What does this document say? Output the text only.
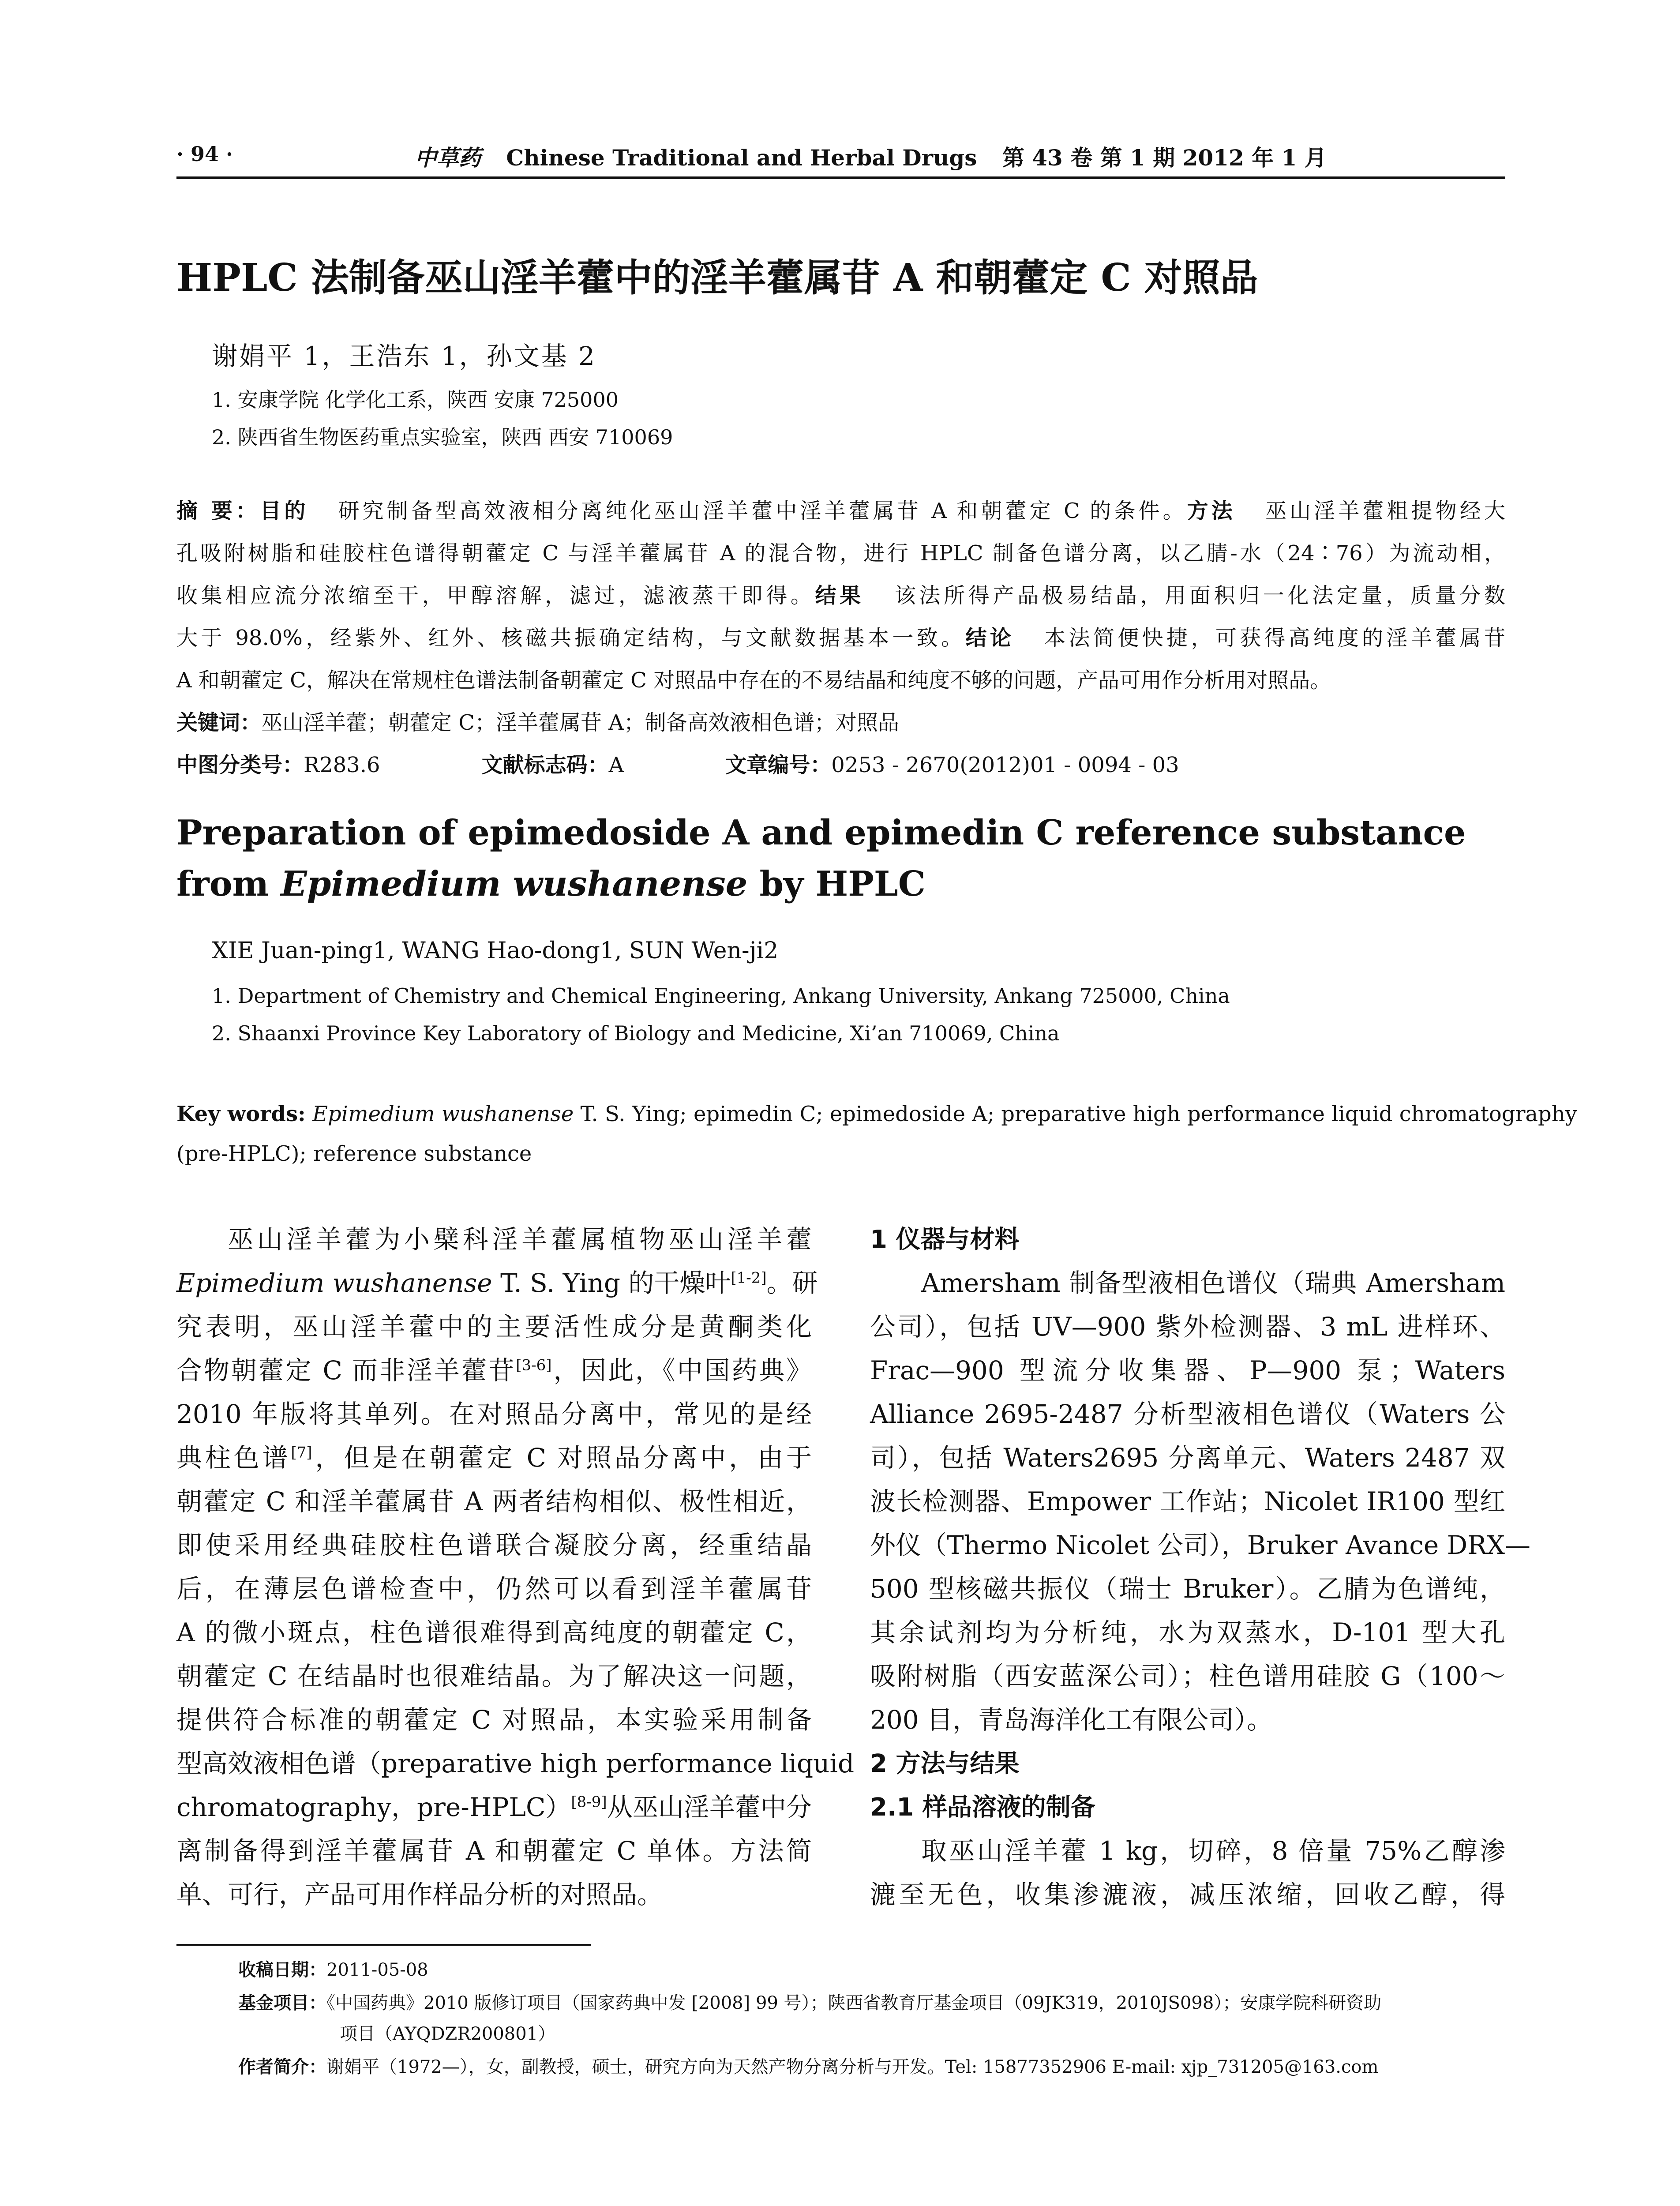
· 94 ·	中草药 Chinese Traditional and Herbal Drugs 第 43 卷 第 1 期 2012 年 1 月
HPLC 法制备巫山淫羊藿中的淫羊藿属苷 A 和朝藿定 C 对照品
谢娟平 1，王浩东 1，孙文基 2
1. 安康学院 化学化工系，陕西 安康 725000
2. 陕西省生物医药重点实验室，陕西 西安 710069
摘 要：目的 研究制备型高效液相分离纯化巫山淫羊藿中淫羊藿属苷 A 和朝藿定 C 的条件。方法 巫山淫羊藿粗提物经大
孔吸附树脂和硅胶柱色谱得朝藿定 C 与淫羊藿属苷 A 的混合物，进行 HPLC 制备色谱分离，以乙腈-水（24∶76）为流动相，
收集相应流分浓缩至干，甲醇溶解，滤过，滤液蒸干即得。结果 该法所得产品极易结晶，用面积归一化法定量，质量分数
大于 98.0%，经紫外、红外、核磁共振确定结构，与文献数据基本一致。结论 本法简便快捷，可获得高纯度的淫羊藿属苷
A 和朝藿定 C，解决在常规柱色谱法制备朝藿定 C 对照品中存在的不易结晶和纯度不够的问题，产品可用作分析用对照品。
关键词：巫山淫羊藿；朝藿定 C；淫羊藿属苷 A；制备高效液相色谱；对照品
中图分类号：R283.6	文献标志码：A	文章编号：0253 - 2670(2012)01 - 0094 - 03
Preparation of epimedoside A and epimedin C reference substance
from Epimedium wushanense by HPLC
XIE Juan-ping1, WANG Hao-dong1, SUN Wen-ji2
1. Department of Chemistry and Chemical Engineering, Ankang University, Ankang 725000, China
2. Shaanxi Province Key Laboratory of Biology and Medicine, Xi’an 710069, China
Key words: Epimedium wushanense T. S. Ying; epimedin C; epimedoside A; preparative high performance liquid chromatography
(pre-HPLC); reference substance
巫山淫羊藿为小檗科淫羊藿属植物巫山淫羊藿
Epimedium wushanense T. S. Ying 的干燥叶[1-2]。研
究表明，巫山淫羊藿中的主要活性成分是黄酮类化
合物朝藿定 C 而非淫羊藿苷[3-6]，因此，《中国药典》
2010 年版将其单列。在对照品分离中，常见的是经
典柱色谱[7]，但是在朝藿定 C 对照品分离中，由于
朝藿定 C 和淫羊藿属苷 A 两者结构相似、极性相近，
即使采用经典硅胶柱色谱联合凝胶分离，经重结晶
后，在薄层色谱检查中，仍然可以看到淫羊藿属苷
A 的微小斑点，柱色谱很难得到高纯度的朝藿定 C，
朝藿定 C 在结晶时也很难结晶。为了解决这一问题，
提供符合标准的朝藿定 C 对照品，本实验采用制备
型高效液相色谱（preparative high performance liquid
chromatography，pre-HPLC）[8-9]从巫山淫羊藿中分
离制备得到淫羊藿属苷 A 和朝藿定 C 单体。方法简
单、可行，产品可用作样品分析的对照品。
1 仪器与材料
Amersham 制备型液相色谱仪（瑞典 Amersham
公司），包括 UV—900 紫外检测器、3 mL 进样环、
Frac—900 型流分收集器、P—900 泵；Waters
Alliance 2695-2487 分析型液相色谱仪（Waters 公
司），包括 Waters2695 分离单元、Waters 2487 双
波长检测器、Empower 工作站；Nicolet IR100 型红
外仪（Thermo Nicolet 公司），Bruker Avance DRX—
500 型核磁共振仪（瑞士 Bruker）。乙腈为色谱纯，
其余试剂均为分析纯，水为双蒸水，D-101 型大孔
吸附树脂（西安蓝深公司）；柱色谱用硅胶 G（100～
200 目，青岛海洋化工有限公司）。
2 方法与结果
2.1 样品溶液的制备
取巫山淫羊藿 1 kg，切碎，8 倍量 75%乙醇渗
漉至无色，收集渗漉液，减压浓缩，回收乙醇，得
收稿日期：2011-05-08
基金项目：《中国药典》2010 版修订项目（国家药典中发 [2008] 99 号）；陕西省教育厅基金项目（09JK319，2010JS098）；安康学院科研资助
项目（AYQDZR200801）
作者简介：谢娟平（1972—），女，副教授，硕士，研究方向为天然产物分离分析与开发。Tel: 15877352906 E-mail: xjp_731205@163.com
